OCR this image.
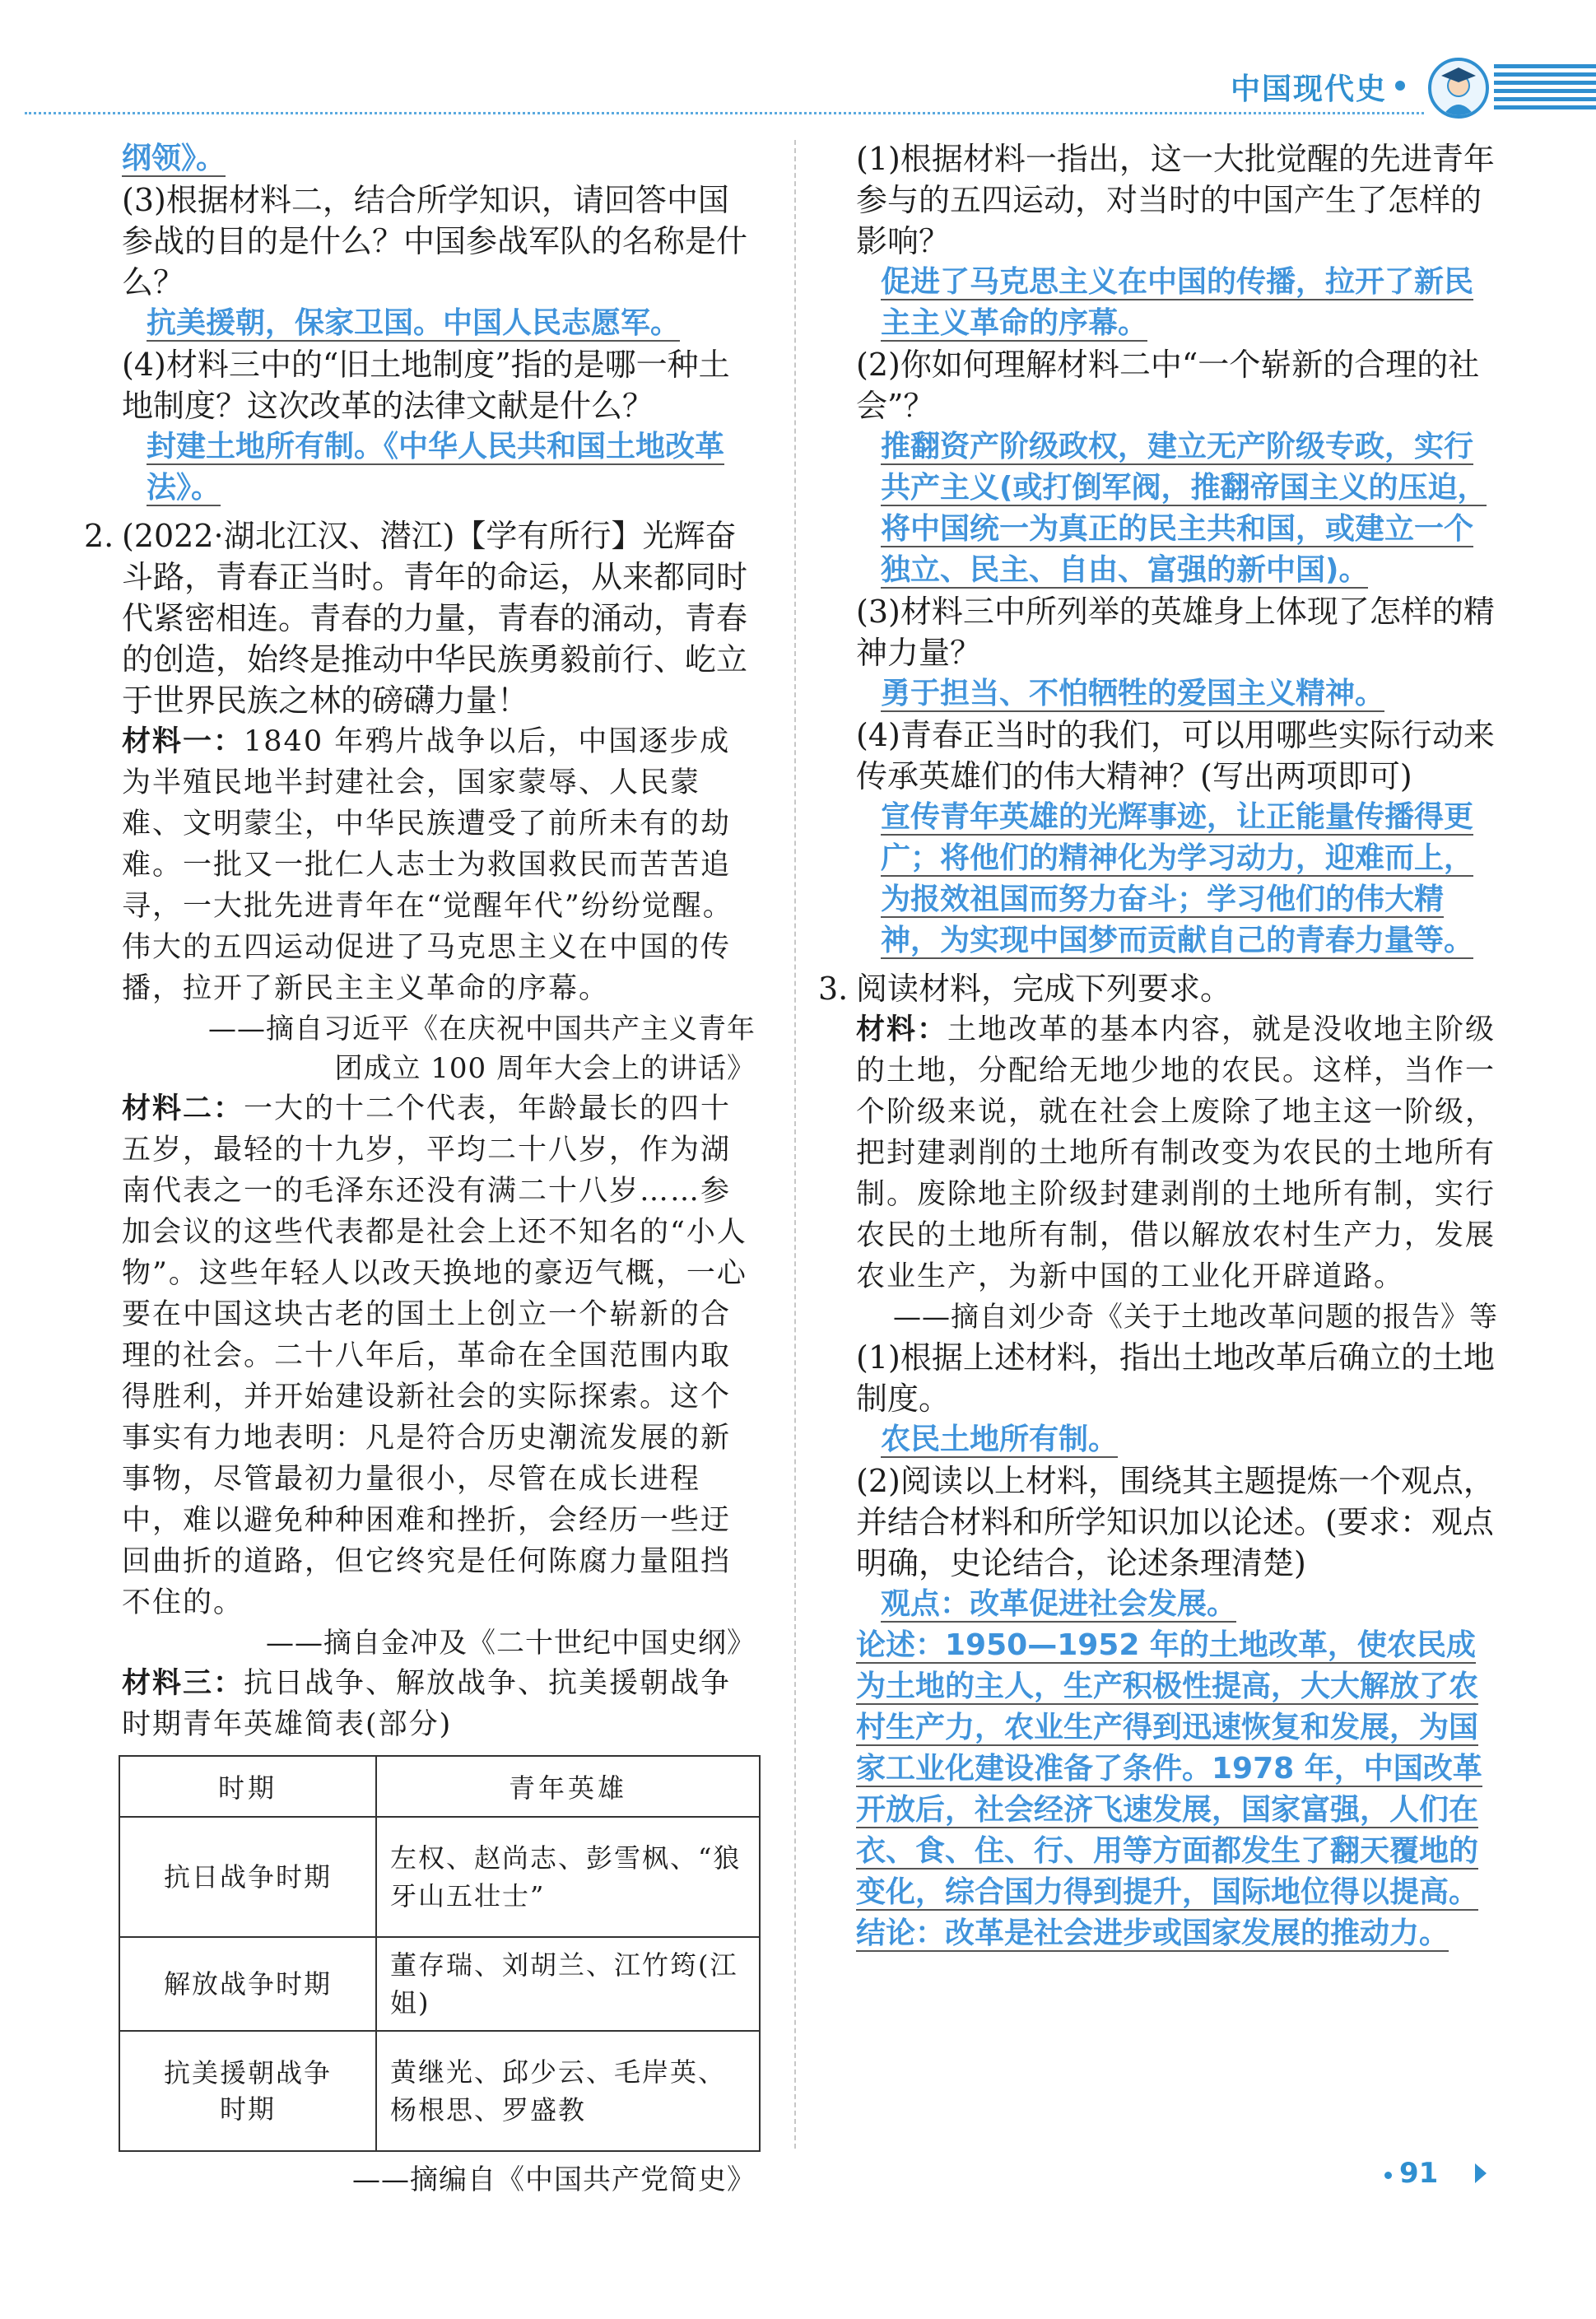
中国现代史

纲领》。

(3)根据材料二，结合所学知识，请回答中国参战的目的是什么？中国参战军队的名称是什么？

抗美援朝，保家卫国。中国人民志愿军。

(4)材料三中的“旧土地制度”指的是哪一种土地制度？这次改革的法律文献是什么？

封建土地所有制。《中华人民共和国土地改革法》。

2. (2022·湖北江汉、潜江)【学有所行】光辉奋斗路，青春正当时。青年的命运，从来都同时代紧密相连。青春的力量，青春的涌动，青春的创造，始终是推动中华民族勇毅前行、屹立于世界民族之林的磅礴力量！

材料一：1840 年鸦片战争以后，中国逐步成为半殖民地半封建社会，国家蒙辱、人民蒙难、文明蒙尘，中华民族遭受了前所未有的劫难。一批又一批仁人志士为救国救民而苦苦追寻，一大批先进青年在“觉醒年代”纷纷觉醒。伟大的五四运动促进了马克思主义在中国的传播，拉开了新民主主义革命的序幕。

——摘自习近平《在庆祝中国共产主义青年

团成立 100 周年大会上的讲话》

材料二：一大的十二个代表，年龄最长的四十五岁，最轻的十九岁，平均二十八岁，作为湖南代表之一的毛泽东还没有满二十八岁……参加会议的这些代表都是社会上还不知名的“小人物”。这些年轻人以改天换地的豪迈气概，一心要在中国这块古老的国土上创立一个崭新的合理的社会。二十八年后，革命在全国范围内取得胜利，并开始建设新社会的实际探索。这个事实有力地表明：凡是符合历史潮流发展的新事物，尽管最初力量很小，尽管在成长进程中，难以避免种种困难和挫折，会经历一些迂回曲折的道路，但它终究是任何陈腐力量阻挡不住的。

——摘自金冲及《二十世纪中国史纲》

材料三：抗日战争、解放战争、抗美援朝战争时期青年英雄简表(部分)

时期	青年英雄
抗日战争时期	左权、赵尚志、彭雪枫、“狼牙山五壮士”
解放战争时期	董存瑞、刘胡兰、江竹筠(江姐)
抗美援朝战争时期	黄继光、邱少云、毛岸英、杨根思、罗盛教

——摘编自《中国共产党简史》

(1)根据材料一指出，这一大批觉醒的先进青年参与的五四运动，对当时的中国产生了怎样的影响？

促进了马克思主义在中国的传播，拉开了新民主主义革命的序幕。

(2)你如何理解材料二中“一个崭新的合理的社会”？

推翻资产阶级政权，建立无产阶级专政，实行共产主义(或打倒军阀，推翻帝国主义的压迫，将中国统一为真正的民主共和国，或建立一个独立、民主、自由、富强的新中国)。

(3)材料三中所列举的英雄身上体现了怎样的精神力量？

勇于担当、不怕牺牲的爱国主义精神。

(4)青春正当时的我们，可以用哪些实际行动来传承英雄们的伟大精神？(写出两项即可)

宣传青年英雄的光辉事迹，让正能量传播得更广；将他们的精神化为学习动力，迎难而上，为报效祖国而努力奋斗；学习他们的伟大精神，为实现中国梦而贡献自己的青春力量等。

3. 阅读材料，完成下列要求。

材料：土地改革的基本内容，就是没收地主阶级的土地，分配给无地少地的农民。这样，当作一个阶级来说，就在社会上废除了地主这一阶级，把封建剥削的土地所有制改变为农民的土地所有制。废除地主阶级封建剥削的土地所有制，实行农民的土地所有制，借以解放农村生产力，发展农业生产，为新中国的工业化开辟道路。

——摘自刘少奇《关于土地改革问题的报告》等

(1)根据上述材料，指出土地改革后确立的土地制度。

农民土地所有制。

(2)阅读以上材料，围绕其主题提炼一个观点，并结合材料和所学知识加以论述。(要求：观点明确，史论结合，论述条理清楚)

观点：改革促进社会发展。

论述：1950—1952 年的土地改革，使农民成为土地的主人，生产积极性提高，大大解放了农村生产力，农业生产得到迅速恢复和发展，为国家工业化建设准备了条件。1978 年，中国改革开放后，社会经济飞速发展，国家富强，人们在衣、食、住、行、用等方面都发生了翻天覆地的变化，综合国力得到提升，国际地位得以提高。

结论：改革是社会进步或国家发展的推动力。

91
